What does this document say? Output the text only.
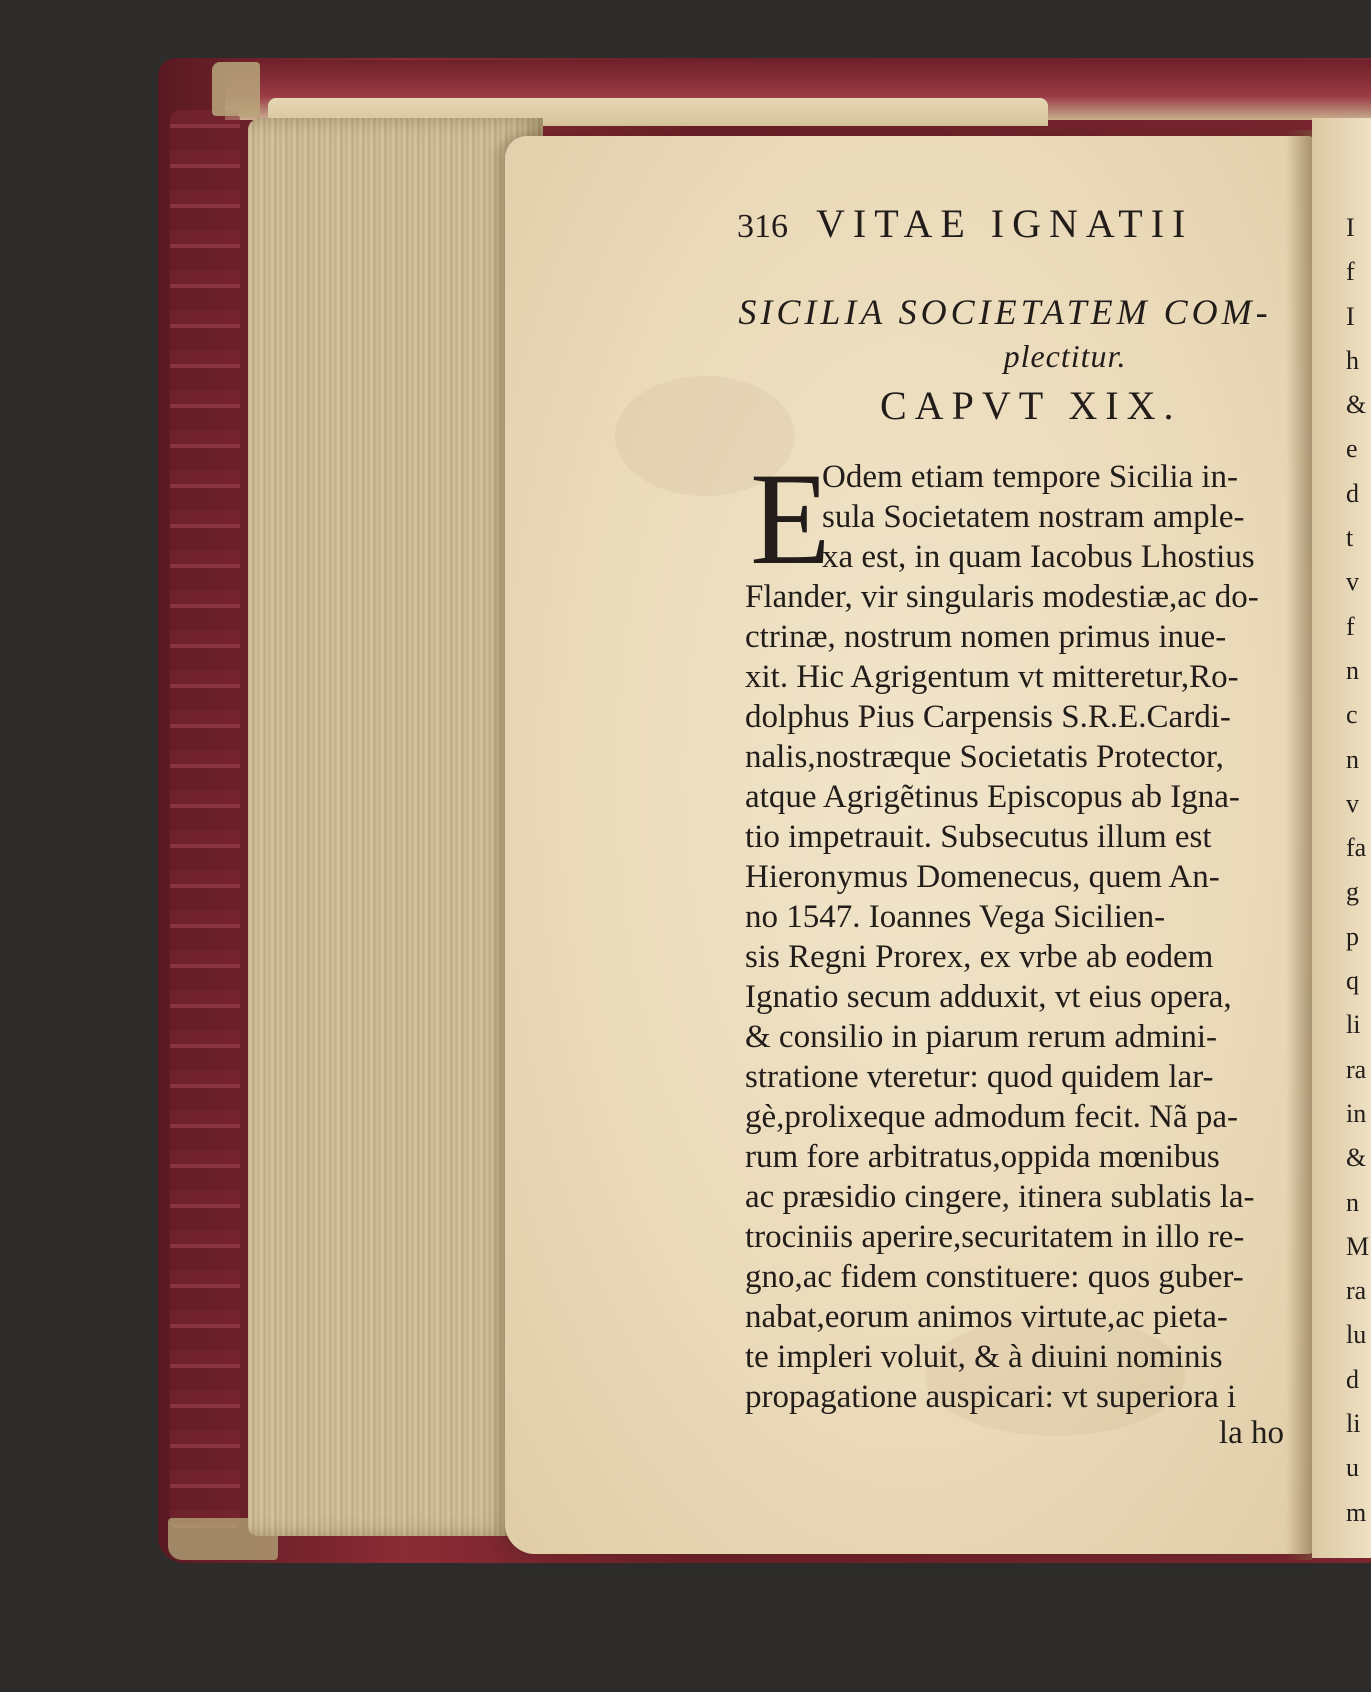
I
f
I
h
&
e
d
t
v
f
n
c
n
v
fa
g
p
q
li
ra
in
&
n
M
ra
lu
d
li
u
m
316 VITAE IGNATII
SICILIA SOCIETATEM COM-
plectitur.
CAPVT XIX.
E
Odem etiam tempore Sicilia in-
sula Societatem nostram ample-
xa est, in quam Iacobus Lhostius
Flander, vir singularis modestiæ,ac do-
ctrinæ, nostrum nomen primus inue-
xit. Hic Agrigentum vt mitteretur,Ro-
dolphus Pius Carpensis S.R.E.Cardi-
nalis,nostræque Societatis Protector,
atque Agrigẽtinus Episcopus ab Igna-
tio impetrauit. Subsecutus illum est
Hieronymus Domenecus, quem An-
no 1547. Ioannes Vega Sicilien-
sis Regni Prorex, ex vrbe ab eodem
Ignatio secum adduxit, vt eius opera,
& consilio in piarum rerum admini-
stratione vteretur: quod quidem lar-
gè,prolixeque admodum fecit. Nã pa-
rum fore arbitratus,oppida mœnibus
ac præsidio cingere, itinera sublatis la-
trociniis aperire,securitatem in illo re-
gno,ac fidem constituere: quos guber-
nabat,eorum animos virtute,ac pieta-
te impleri voluit, & à diuini nominis
propagatione auspicari: vt superiora i
la ho
